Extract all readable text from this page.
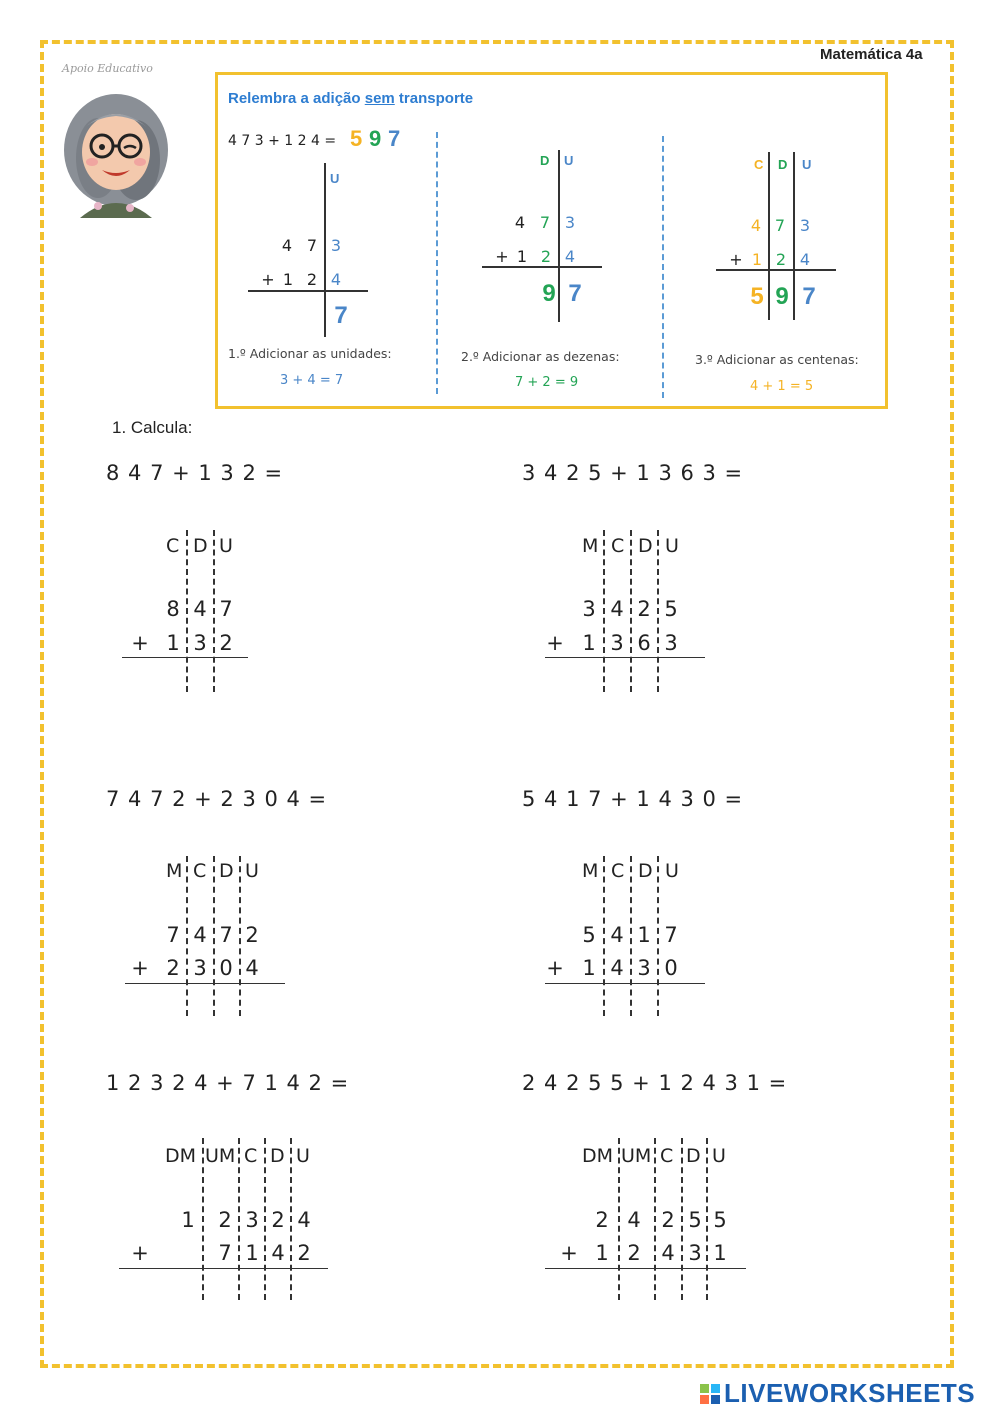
Matemática 4a
Apoio Educativo
Relembra a adição sem transporte
4 7 3 + 1 2 4 = 5 9 7
U
4 7 3
+ 1 2 4
7
1.º Adicionar as unidades:
3 + 4 = 7
D U
4 7 3
+ 1 2 4
9 7
2.º Adicionar as dezenas:
7 + 2 = 9
C D U
4 7 3
+ 1 2 4
5 9 7
3.º Adicionar as centenas:
4 + 1 = 5
1. Calcula:
8 4 7 + 1 3 2 =
C D U
8 4 7
+ 1 3 2
3 4 2 5 + 1 3 6 3 =
M C D U
3 4 2 5
+ 1 3 6 3
7 4 7 2 + 2 3 0 4 =
M C D U
7 4 7 2
+ 2 3 0 4
5 4 1 7 + 1 4 3 0 =
M C D U
5 4 1 7
+ 1 4 3 0
1 2 3 2 4 + 7 1 4 2 =
DM UM C D U
1 2 3 2 4
+	7 1 4 2
2 4 2 5 5 + 1 2 4 3 1 =
DM UM C D U
2 4 2 5 5
+ 1 2 4 3 1
LIVEWORKSHEETS
